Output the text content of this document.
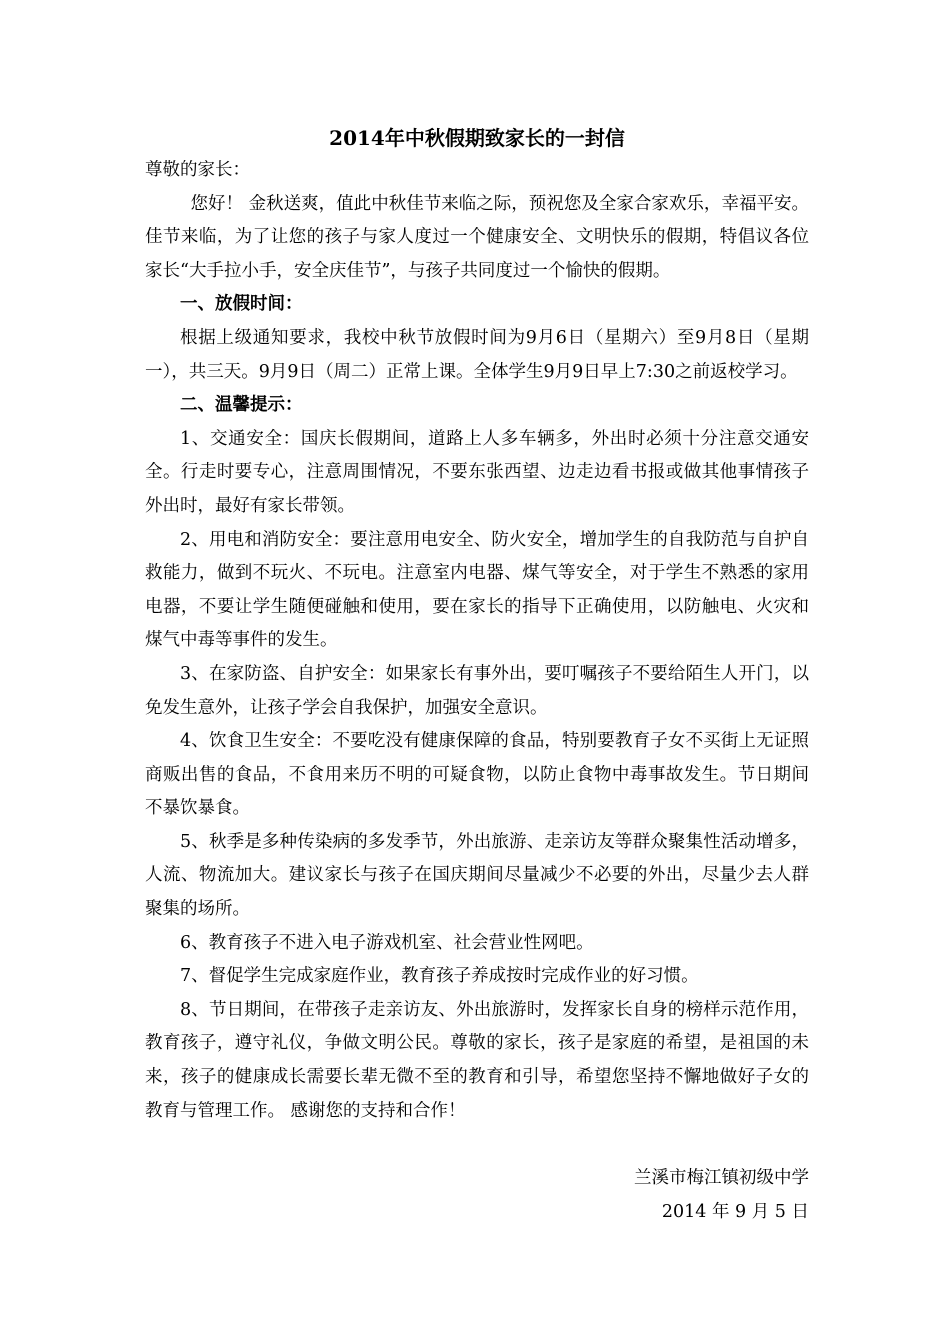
2014年中秋假期致家长的一封信

尊敬的家长：

您好！ 金秋送爽，值此中秋佳节来临之际，预祝您及全家合家欢乐，幸福平安。佳节来临，为了让您的孩子与家人度过一个健康安全、文明快乐的假期，特倡议各位家长“大手拉小手，安全庆佳节”，与孩子共同度过一个愉快的假期。

一、放假时间：

根据上级通知要求，我校中秋节放假时间为9月6日（星期六）至9月8日（星期一），共三天。9月9日（周二）正常上课。全体学生9月9日早上7:30之前返校学习。

二、温馨提示：

1、交通安全：国庆长假期间，道路上人多车辆多，外出时必须十分注意交通安全。行走时要专心，注意周围情况，不要东张西望、边走边看书报或做其他事情孩子外出时，最好有家长带领。

2、用电和消防安全：要注意用电安全、防火安全，增加学生的自我防范与自护自救能力，做到不玩火、不玩电。注意室内电器、煤气等安全，对于学生不熟悉的家用电器，不要让学生随便碰触和使用，要在家长的指导下正确使用，以防触电、火灾和煤气中毒等事件的发生。

3、在家防盗、自护安全：如果家长有事外出，要叮嘱孩子不要给陌生人开门，以免发生意外，让孩子学会自我保护，加强安全意识。

4、饮食卫生安全：不要吃没有健康保障的食品，特别要教育子女不买街上无证照商贩出售的食品，不食用来历不明的可疑食物，以防止食物中毒事故发生。节日期间不暴饮暴食。

5、秋季是多种传染病的多发季节，外出旅游、走亲访友等群众聚集性活动增多，人流、物流加大。建议家长与孩子在国庆期间尽量减少不必要的外出，尽量少去人群聚集的场所。

6、教育孩子不进入电子游戏机室、社会营业性网吧。

7、督促学生完成家庭作业，教育孩子养成按时完成作业的好习惯。

8、节日期间，在带孩子走亲访友、外出旅游时，发挥家长自身的榜样示范作用，教育孩子，遵守礼仪，争做文明公民。尊敬的家长，孩子是家庭的希望，是祖国的未来，孩子的健康成长需要长辈无微不至的教育和引导，希望您坚持不懈地做好子女的教育与管理工作。 感谢您的支持和合作！

兰溪市梅江镇初级中学

2014 年 9 月 5 日
